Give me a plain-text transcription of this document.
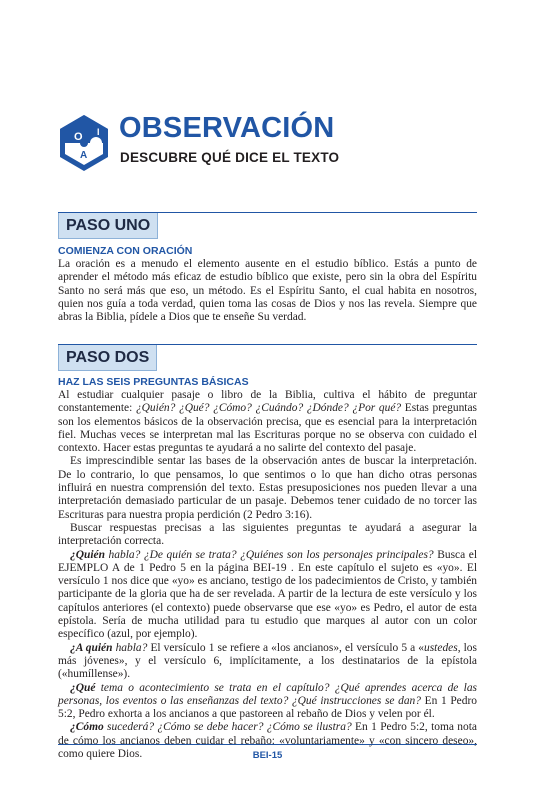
O I
A
OBSERVACIÓN
DESCUBRE QUÉ DICE EL TEXTO
PASO UNO
COMIENZA CON ORACIÓN

La oración es a menudo el elemento ausente en el estudio bíblico. Estás a punto de aprender el método más eficaz de estudio bíblico que existe, pero sin la obra del Espíritu Santo no será más que eso, un método. Es el Espíritu Santo, el cual habita en nosotros, quien nos guía a toda verdad, quien toma las cosas de Dios y nos las revela. Siempre que abras la Biblia, pídele a Dios que te enseñe Su verdad.

PASO DOS
HAZ LAS SEIS PREGUNTAS BÁSICAS

Al estudiar cualquier pasaje o libro de la Biblia, cultiva el hábito de preguntar constantemente: ¿Quién? ¿Qué? ¿Cómo? ¿Cuándo? ¿Dónde? ¿Por qué? Estas preguntas son los elementos básicos de la observación precisa, que es esencial para la interpretación fiel. Muchas veces se interpretan mal las Escrituras porque no se observa con cuidado el contexto. Hacer estas preguntas te ayudará a no salirte del contexto del pasaje.

Es imprescindible sentar las bases de la observación antes de buscar la interpretación. De lo contrario, lo que pensamos, lo que sentimos o lo que han dicho otras personas influirá en nuestra comprensión del texto. Estas presuposiciones nos pueden llevar a una interpretación demasiado particular de un pasaje. Debemos tener cuidado de no torcer las Escrituras para nuestra propia perdición (2 Pedro 3:16).

Buscar respuestas precisas a las siguientes preguntas te ayudará a asegurar la interpretación correcta.

¿Quién habla? ¿De quién se trata? ¿Quiénes son los personajes principales? Busca el EJEMPLO A de 1 Pedro 5 en la página BEI-19 . En este capítulo el sujeto es «yo». El versículo 1 nos dice que «yo» es anciano, testigo de los padecimientos de Cristo, y también participante de la gloria que ha de ser revelada. A partir de la lectura de este versículo y los capítulos anteriores (el contexto) puede observarse que ese «yo» es Pedro, el autor de esta epístola. Sería de mucha utilidad para tu estudio que marques al autor con un color específico (azul, por ejemplo).

¿A quién habla? El versículo 1 se refiere a «los ancianos», el versículo 5 a «ustedes, los más jóvenes», y el versículo 6, implícitamente, a los destinatarios de la epístola («humíllense»).

¿Qué tema o acontecimiento se trata en el capítulo? ¿Qué aprendes acerca de las personas, los eventos o las enseñanzas del texto? ¿Qué instrucciones se dan? En 1 Pedro 5:2, Pedro exhorta a los ancianos a que pastoreen al rebaño de Dios y velen por él.

¿Cómo sucederá? ¿Cómo se debe hacer? ¿Cómo se ilustra? En 1 Pedro 5:2, toma nota de cómo los ancianos deben cuidar el rebaño: «voluntariamente» y «con sincero deseo», como quiere Dios.	BEI-15
